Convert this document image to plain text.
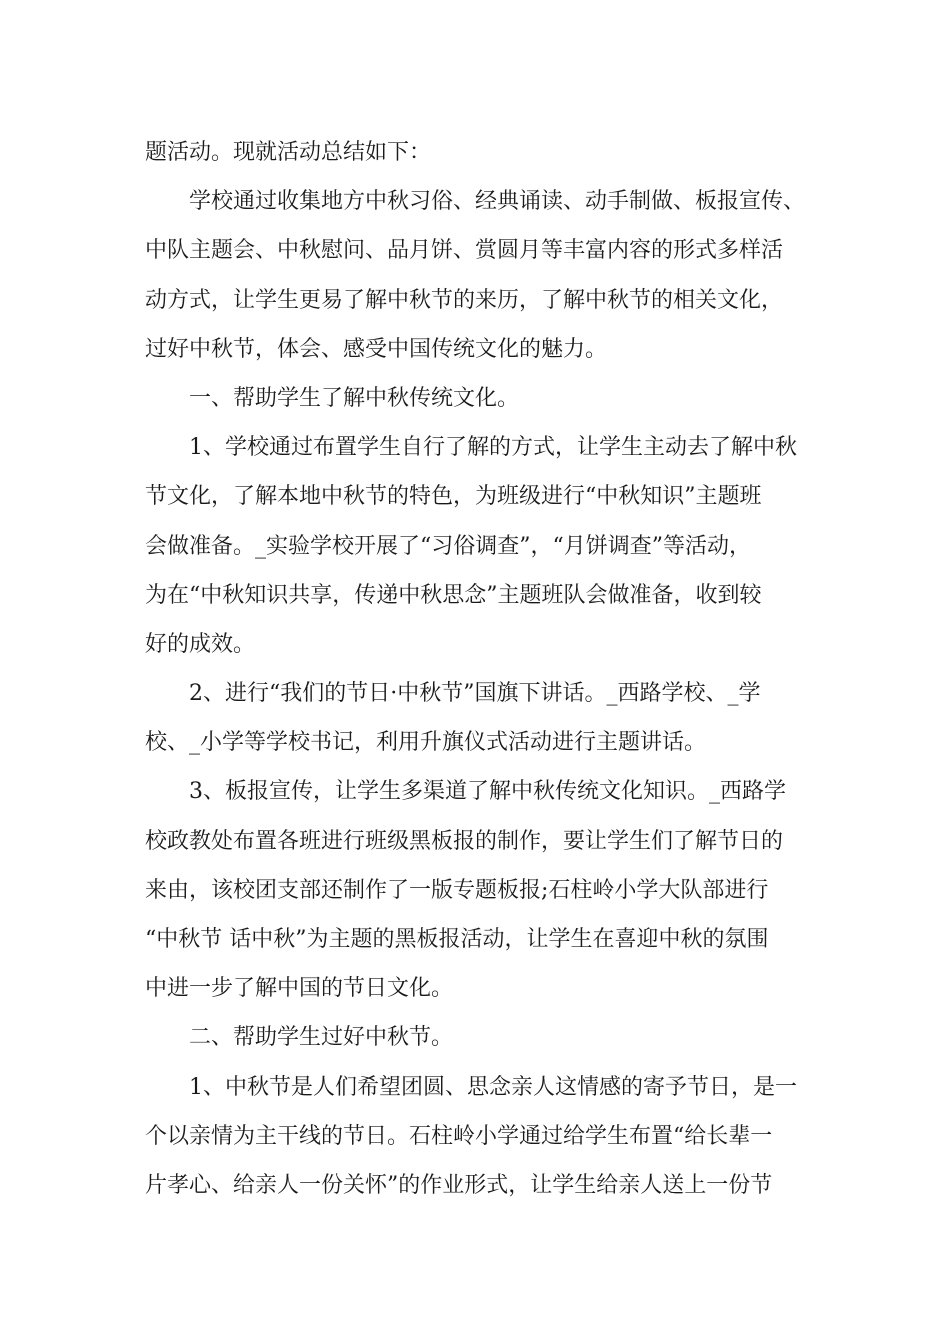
题活动。现就活动总结如下：
学校通过收集地方中秋习俗、经典诵读、动手制做、板报宣传、
中队主题会、中秋慰问、品月饼、赏圆月等丰富内容的形式多样活
动方式，让学生更易了解中秋节的来历，了解中秋节的相关文化，
过好中秋节，体会、感受中国传统文化的魅力。
一、帮助学生了解中秋传统文化。
1、学校通过布置学生自行了解的方式，让学生主动去了解中秋
节文化，了解本地中秋节的特色，为班级进行“中秋知识”主题班
会做准备。_实验学校开展了“习俗调查”，“月饼调查”等活动，
为在“中秋知识共享，传递中秋思念”主题班队会做准备，收到较
好的成效。
2、进行“我们的节日·中秋节”国旗下讲话。_西路学校、_学
校、_小学等学校书记，利用升旗仪式活动进行主题讲话。
3、板报宣传，让学生多渠道了解中秋传统文化知识。_西路学
校政教处布置各班进行班级黑板报的制作，要让学生们了解节日的
来由，该校团支部还制作了一版专题板报;石柱岭小学大队部进行
“中秋节 话中秋”为主题的黑板报活动，让学生在喜迎中秋的氛围
中进一步了解中国的节日文化。
二、帮助学生过好中秋节。
1、中秋节是人们希望团圆、思念亲人这情感的寄予节日，是一
个以亲情为主干线的节日。石柱岭小学通过给学生布置“给长辈一
片孝心、给亲人一份关怀”的作业形式，让学生给亲人送上一份节
